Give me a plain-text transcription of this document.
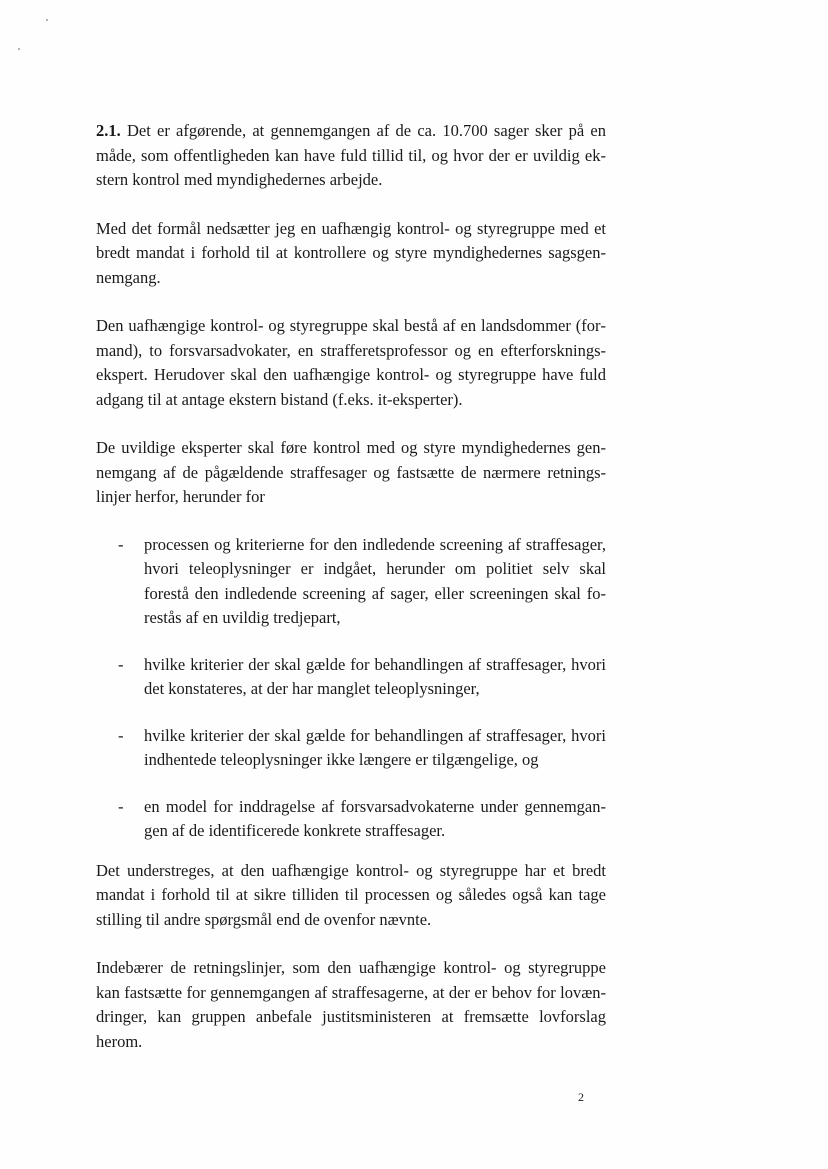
2.1. Det er afgørende, at gennemgangen af de ca. 10.700 sager sker på en måde, som offentligheden kan have fuld tillid til, og hvor der er uvildig ekstern kontrol med myndighedernes arbejde.

Med det formål nedsætter jeg en uafhængig kontrol- og styregruppe med et bredt mandat i forhold til at kontrollere og styre myndighedernes sagsgennemgang.

Den uafhængige kontrol- og styregruppe skal bestå af en landsdommer (formand), to forsvarsadvokater, en strafferetsprofessor og en efterforskningsekspert. Herudover skal den uafhængige kontrol- og styregruppe have fuld adgang til at antage ekstern bistand (f.eks. it-eksperter).

De uvildige eksperter skal føre kontrol med og styre myndighedernes gennemgang af de pågældende straffesager og fastsætte de nærmere retningslinjer herfor, herunder for

- processen og kriterierne for den indledende screening af straffesager, hvori teleoplysninger er indgået, herunder om politiet selv skal forestå den indledende screening af sager, eller screeningen skal forestås af en uvildig tredjepart,

- hvilke kriterier der skal gælde for behandlingen af straffesager, hvori det konstateres, at der har manglet teleoplysninger,

- hvilke kriterier der skal gælde for behandlingen af straffesager, hvori indhentede teleoplysninger ikke længere er tilgængelige, og

- en model for inddragelse af forsvarsadvokaterne under gennemgangen af de identificerede konkrete straffesager.

Det understreges, at den uafhængige kontrol- og styregruppe har et bredt mandat i forhold til at sikre tilliden til processen og således også kan tage stilling til andre spørgsmål end de ovenfor nævnte.

Indebærer de retningslinjer, som den uafhængige kontrol- og styregruppe kan fastsætte for gennemgangen af straffesagerne, at der er behov for lovændringer, kan gruppen anbefale justitsministeren at fremsætte lovforslag herom.

2
